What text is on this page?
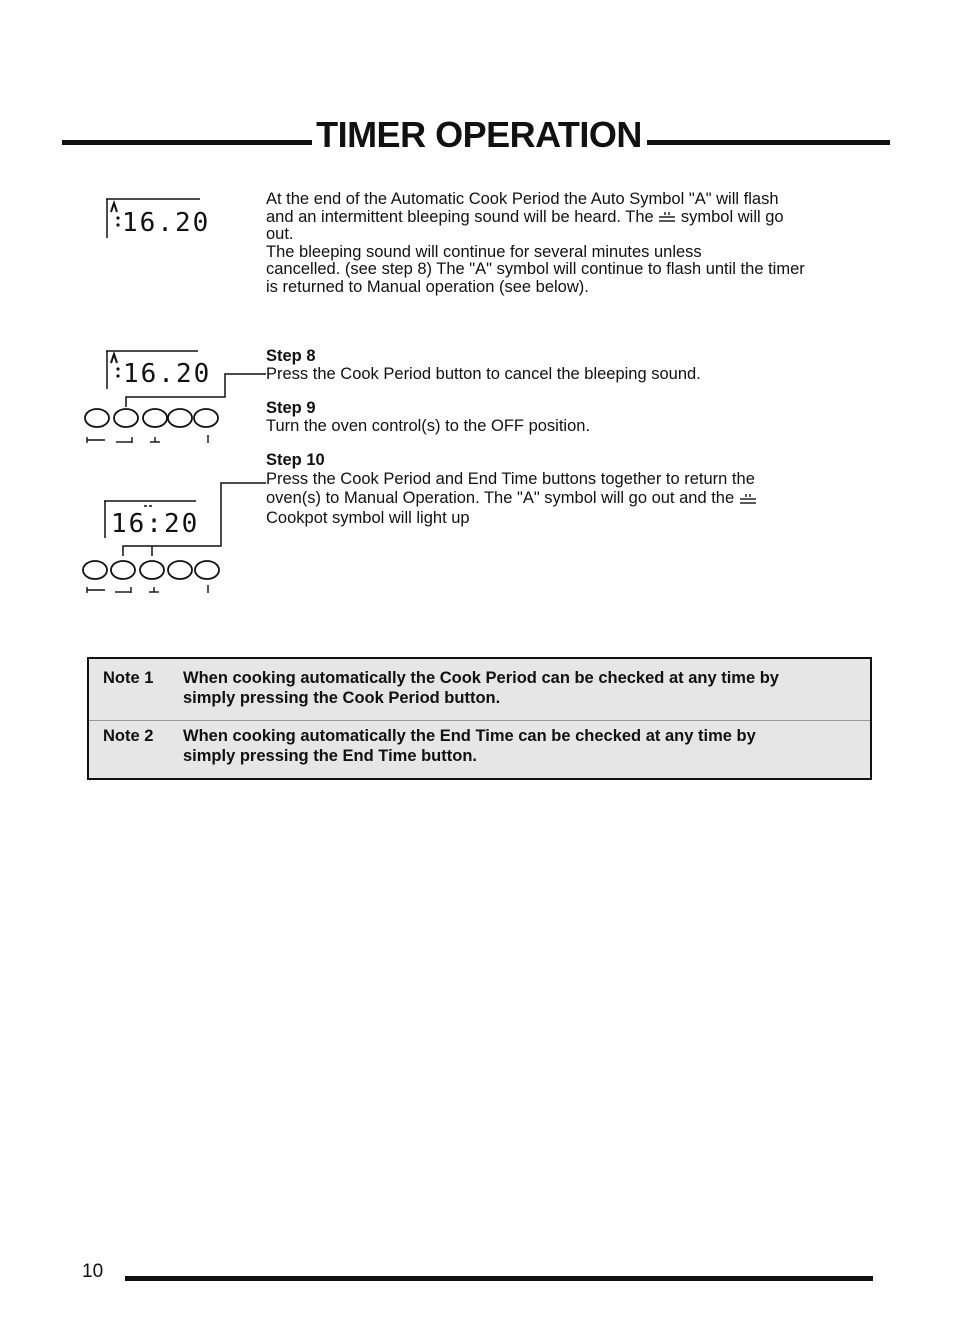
TIMER OPERATION
16.20

At the end of the Automatic Cook Period the Auto Symbol "A" will flash

and an intermittent bleeping sound will be heard. The symbol will go

out.

The bleeping sound will continue for several minutes unless

cancelled. (see step 8) The "A" symbol will continue to flash until the timer

is returned to Manual operation (see below).

16.20
16:20
Step 8

Press the Cook Period button to cancel the bleeping sound.

Step 9

Turn the oven control(s) to the OFF position.

Step 10

Press the Cook Period and End Time buttons together to return the

oven(s) to Manual Operation. The "A" symbol will go out and the

Cookpot symbol will light up

Note 1	When cooking automatically the Cook Period can be checked at any time by simply pressing the Cook Period button.
Note 2	When cooking automatically the End Time can be checked at any time by simply pressing the End Time button.
10
